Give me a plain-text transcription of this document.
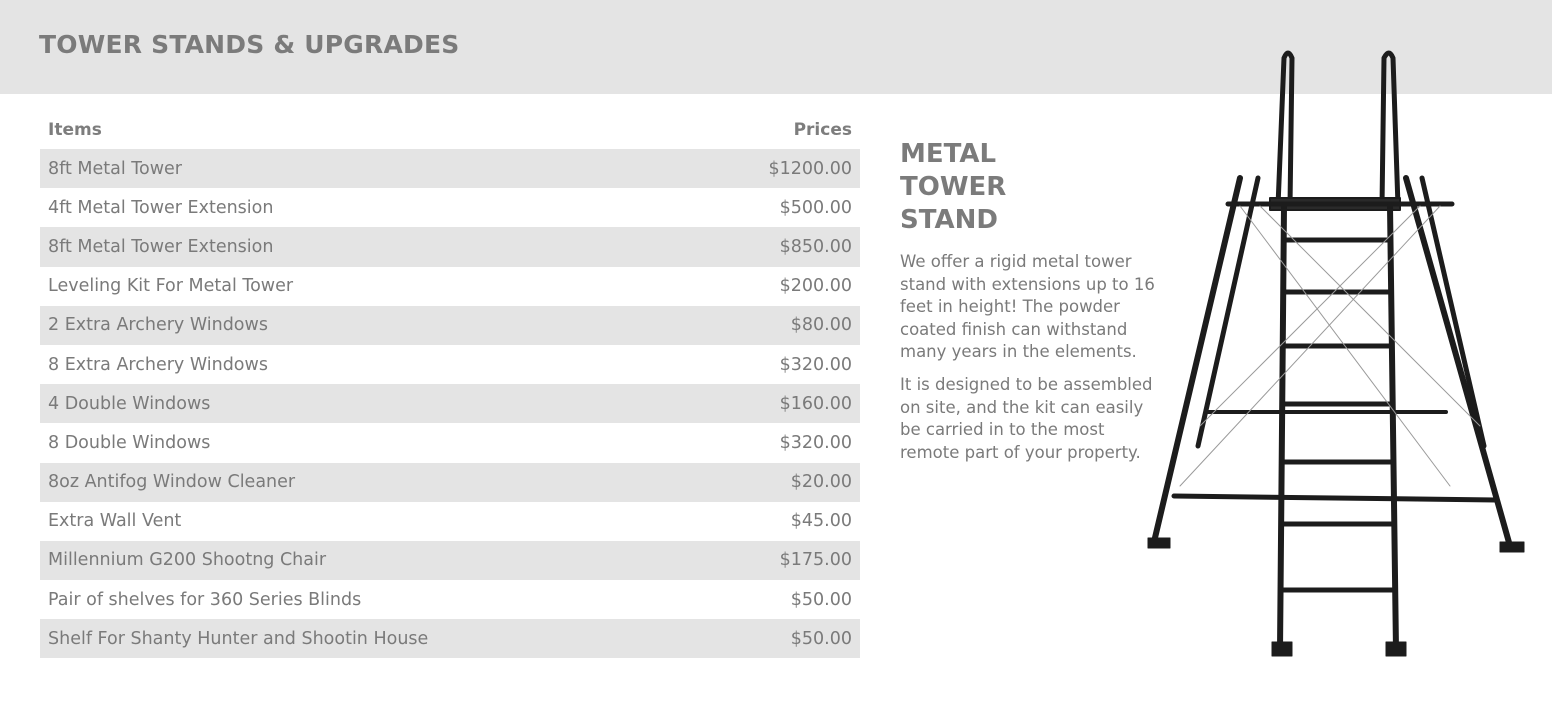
TOWER STANDS & UPGRADES
Items	Prices
8ft Metal Tower	$1200.00
4ft Metal Tower Extension	$500.00
8ft Metal Tower Extension	$850.00
Leveling Kit For Metal Tower	$200.00
2 Extra Archery Windows	$80.00
8 Extra Archery Windows	$320.00
4 Double Windows	$160.00
8 Double Windows	$320.00
8oz Antifog Window Cleaner	$20.00
Extra Wall Vent	$45.00
Millennium G200 Shootng Chair	$175.00
Pair of shelves for 360 Series Blinds	$50.00
Shelf For Shanty Hunter and Shootin House	$50.00
METAL
TOWER
STAND

We offer a rigid metal tower stand with extensions up to 16 feet in height! The powder coated finish can withstand many years in the elements.

It is designed to be assembled on site, and the kit can easily be carried in to the most remote part of your property.
